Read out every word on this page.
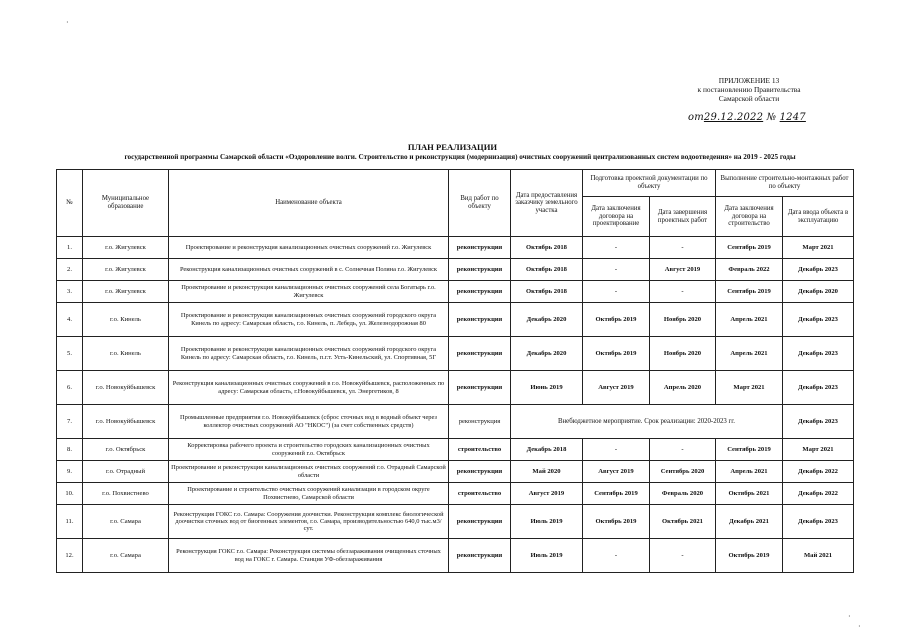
ПРИЛОЖЕНИЕ 13
к постановлению Правительства
Самарской области
от29.12.2022 № 1247
ПЛАН РЕАЛИЗАЦИИ
государственной программы Самарской области «Оздоровление волги. Строительство и реконструкция (модернизация) очистных сооружений централизованных систем водоотведения» на 2019 - 2025 годы
№	Муниципальное образование	Наименование объекта	Вид работ по объекту	Дата предоставления заказчику земельного участка	Подготовка проектной документации по объекту		Выполнение строительно-монтажных работ по объекту	
					Дата заключения договора на проектирование	Дата завершения проектных работ	Дата заключения договора на строительство	Дата ввода объекта в эксплуатацию
1.	г.о. Жигулевск	Проектирование и реконструкция канализационных очистных сооружений г.о. Жигулевск	реконструкция	Октябрь 2018	-	-	Сентябрь 2019	Март 2021
2.	г.о. Жигулевск	Реконструкция канализационных очистных сооружений в с. Солнечная Поляна г.о. Жигулевск	реконструкция	Октябрь 2018	-	Август 2019	Февраль 2022	Декабрь 2023
3.	г.о. Жигулевск	Проектирование и реконструкция канализационных очистных сооружений села Богатырь г.о. Жигулевск	реконструкция	Октябрь 2018	-	-	Сентябрь 2019	Декабрь 2020
4.	г.о. Кинель	Проектирование и реконструкция канализационных очистных сооружений городского округа Кинель по адресу: Самарская область, г.о. Кинель, п. Лебедь, ул. Железнодорожная 80	реконструкция	Декабрь 2020	Октябрь 2019	Ноябрь 2020	Апрель 2021	Декабрь 2023
5.	г.о. Кинель	Проектирование и реконструкция канализационных очистных сооружений городского округа Кинель по адресу: Самарская область, г.о. Кинель, п.г.т. Усть-Кинельский, ул. Спортивная, 5Г	реконструкция	Декабрь 2020	Октябрь 2019	Ноябрь 2020	Апрель 2021	Декабрь 2023
6.	г.о. Новокуйбышевск	Реконструкция канализационных очистных сооружений в г.о. Новокуйбышевск, расположенных по адресу: Самарская область, г.Новокуйбышевск, ул. Энергетиков, 8	реконструкция	Июнь 2019	Август 2019	Апрель 2020	Март 2021	Декабрь 2023
7.	г.о. Новокуйбышевск	Промышленные предприятия г.о. Новокуйбышевск (сброс сточных вод в водный объект через коллектор очистных сооружений АО "НКОС") (за счет собственных средств)	реконструкция	Внебюджетное мероприятие. Срок реализации: 2020-2023 гг.				Декабрь 2023
8.	г.о. Октябрьск	Корректировка рабочего проекта и строительство городских канализационных очистных сооружений г.о. Октябрьск	строительство	Декабрь 2018	-	-	Сентябрь 2019	Март 2021
9.	г.о. Отрадный	Проектирование и реконструкция канализационных очистных сооружений г.о. Отрадный Самарской области	реконструкция	Май 2020	Август 2019	Сентябрь 2020	Апрель 2021	Декабрь 2022
10.	г.о. Похвистнево	Проектирование и строительство очистных сооружений канализации в городском округе Похвистнево, Самарской области	строительство	Август 2019	Сентябрь 2019	Февраль 2020	Октябрь 2021	Декабрь 2022
11.	г.о. Самара	Реконструкция ГОКС г.о. Самара: Сооружения доочистки. Реконструкция комплекс биологической доочистки сточных вод от биогенных элементов, г.о. Самара, производительностью 640,0 тыс.м3/сут.	реконструкция	Июль 2019	Октябрь 2019	Октябрь 2021	Декабрь 2021	Декабрь 2023
12.	г.о. Самара	Реконструкция ГОКС г.о. Самара: Реконструкция системы обеззараживания очищенных сточных вод на ГОКС г. Самара. Станция УФ-обеззараживания	реконструкция	Июль 2019	-	-	Октябрь 2019	Май 2021
·
·
·
